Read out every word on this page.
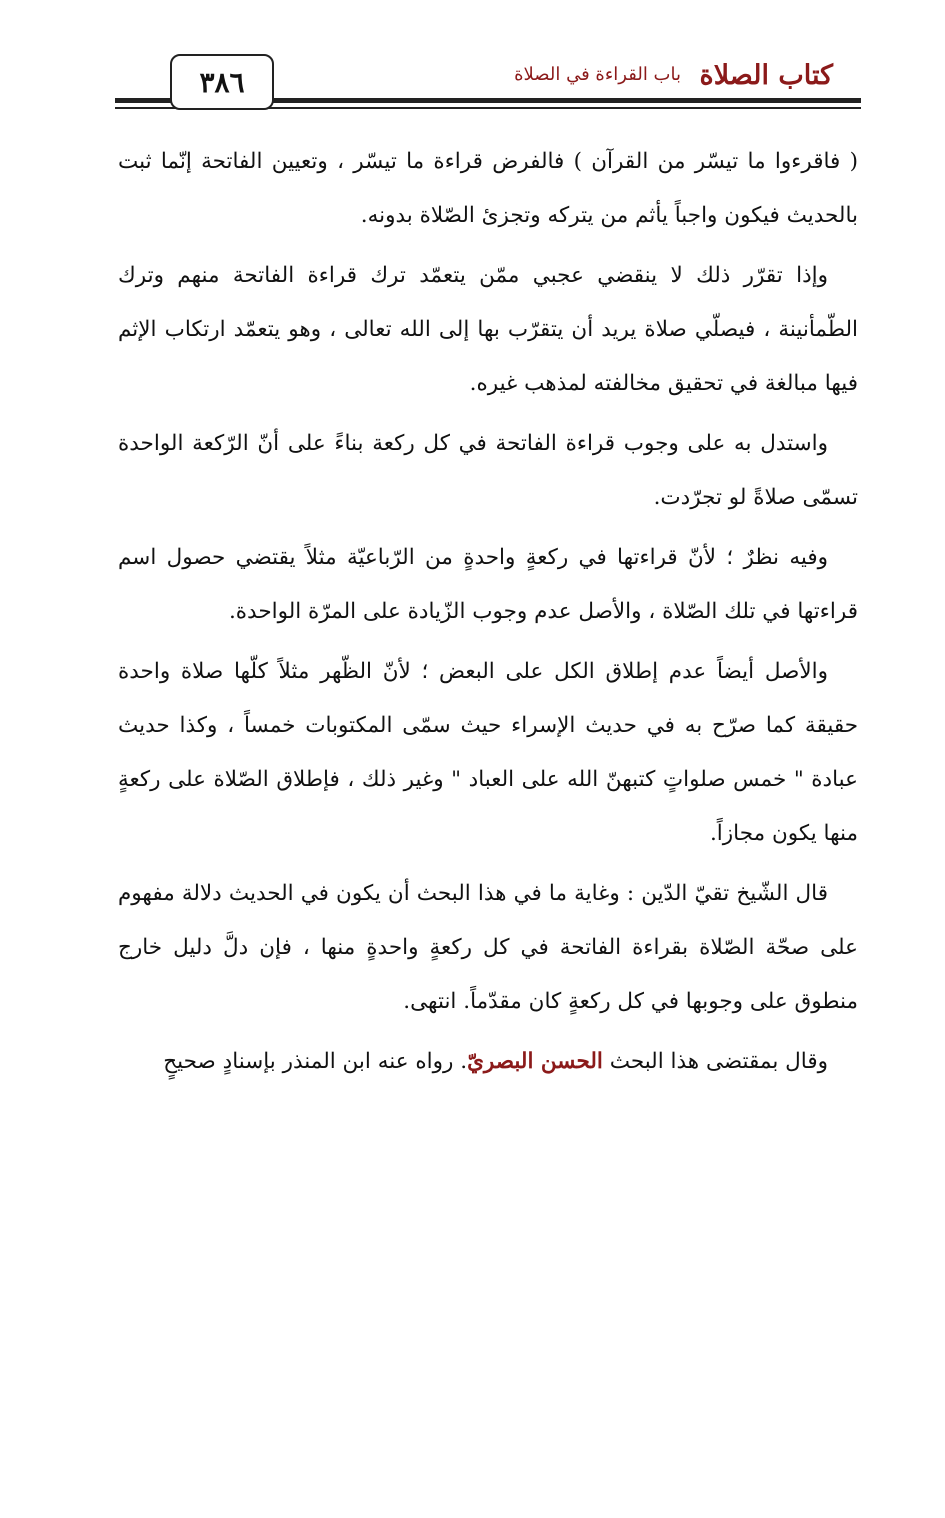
٣٨٦	كتاب الصلاة
باب القراءة في الصلاة

( فاقرءوا ما تيسّر من القرآن ) فالفرض قراءة ما تيسّر ، وتعيين الفاتحة إنّما ثبت بالحديث فيكون واجباً يأثم من يتركه وتجزئ الصّلاة بدونه.

وإذا تقرّر ذلك لا ينقضي عجبي ممّن يتعمّد ترك قراءة الفاتحة منهم وترك الطّمأنينة ، فيصلّي صلاة يريد أن يتقرّب بها إلى الله تعالى ، وهو يتعمّد ارتكاب الإثم فيها مبالغة في تحقيق مخالفته لمذهب غيره.

واستدل به على وجوب قراءة الفاتحة في كل ركعة بناءً على أنّ الرّكعة الواحدة تسمّى صلاةً لو تجرّدت.

وفيه نظرٌ ؛ لأنّ قراءتها في ركعةٍ واحدةٍ من الرّباعيّة مثلاً يقتضي حصول اسم قراءتها في تلك الصّلاة ، والأصل عدم وجوب الزّيادة على المرّة الواحدة.

والأصل أيضاً عدم إطلاق الكل على البعض ؛ لأنّ الظّهر مثلاً كلّها صلاة واحدة حقيقة كما صرّح به في حديث الإسراء حيث سمّى المكتوبات خمساً ، وكذا حديث عبادة " خمس صلواتٍ كتبهنّ الله على العباد " وغير ذلك ، فإطلاق الصّلاة على ركعةٍ منها يكون مجازاً.

قال الشّيخ تقيّ الدّين : وغاية ما في هذا البحث أن يكون في الحديث دلالة مفهوم على صحّة الصّلاة بقراءة الفاتحة في كل ركعةٍ واحدةٍ منها ، فإن دلَّ دليل خارج منطوق على وجوبها في كل ركعةٍ كان مقدّماً. انتهى.

وقال بمقتضى هذا البحث الحسن البصريّ. رواه عنه ابن المنذر بإسنادٍ صحيحٍ
